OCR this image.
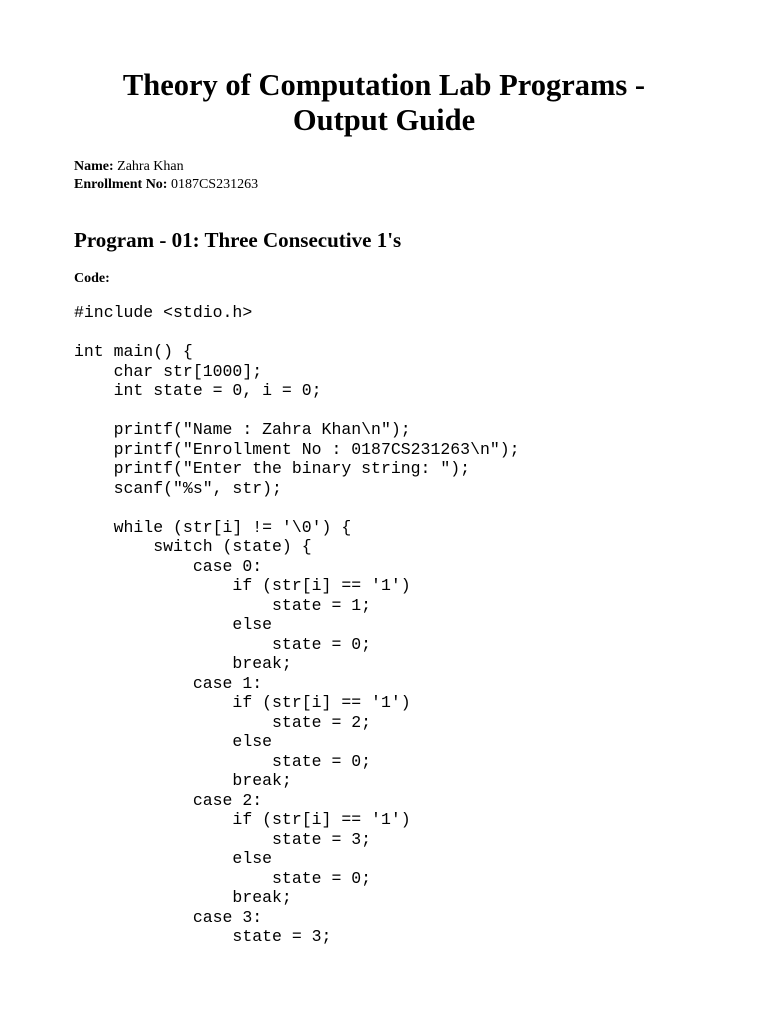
Theory of Computation Lab Programs -
Output Guide
Name: Zahra Khan
Enrollment No: 0187CS231263
Program - 01: Three Consecutive 1's
Code:
#include <stdio.h>
int main() {
char str[1000];
int state = 0, i = 0;
printf("Name : Zahra Khan\n");
printf("Enrollment No : 0187CS231263\n");
printf("Enter the binary string: ");
scanf("%s", str);
while (str[i] != '\0') {
switch (state) {
case 0:
if (str[i] == '1')
state = 1;
else
state = 0;
break;
case 1:
if (str[i] == '1')
state = 2;
else
state = 0;
break;
case 2:
if (str[i] == '1')
state = 3;
else
state = 0;
break;
case 3:
state = 3;
